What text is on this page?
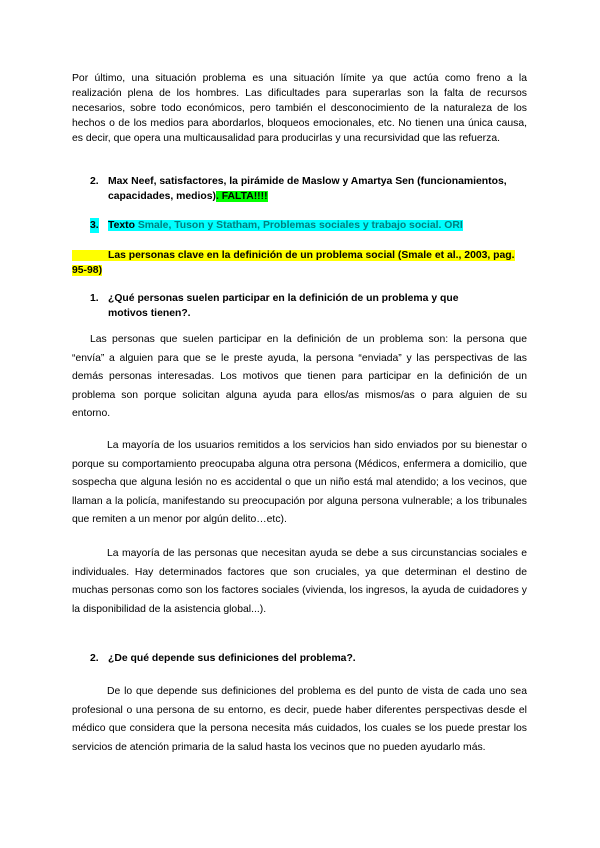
Por último, una situación problema es una situación límite ya que actúa como freno a la realización plena de los hombres. Las dificultades para superarlas son la falta de recursos necesarios, sobre todo económicos, pero también el desconocimiento de la naturaleza de los hechos o de los medios para abordarlos, bloqueos emocionales, etc. No tienen una única causa, es decir, que opera una multicausalidad para producirlas y una recursividad que las refuerza.

2. Max Neef, satisfactores, la pirámide de Maslow y Amartya Sen (funcionamientos, capacidades, medios). FALTA!!!!
3. Texto Smale, Tuson y Statham, Problemas sociales y trabajo social. ORI
Las personas clave en la definición de un problema social (Smale et al., 2003, pag. 95-98)
1. ¿Qué personas suelen participar en la definición de un problema y que motivos tienen?.

Las personas que suelen participar en la definición de un problema son: la persona que “envía” a alguien para que se le preste ayuda, la persona “enviada” y las perspectivas de las demás personas interesadas. Los motivos que tienen para participar en la definición de un problema son porque solicitan alguna ayuda para ellos/as mismos/as o para alguien de su entorno.

La mayoría de los usuarios remitidos a los servicios han sido enviados por su bienestar o porque su comportamiento preocupaba alguna otra persona (Médicos, enfermera a domicilio, que sospecha que alguna lesión no es accidental o que un niño está mal atendido; a los vecinos, que llaman a la policía, manifestando su preocupación por alguna persona vulnerable; a los tribunales que remiten a un menor por algún delito…etc).

La mayoría de las personas que necesitan ayuda se debe a sus circunstancias sociales e individuales. Hay determinados factores que son cruciales, ya que determinan el destino de muchas personas como son los factores sociales (vivienda, los ingresos, la ayuda de cuidadores y la disponibilidad de la asistencia global...).

2. ¿De qué depende sus definiciones del problema?.

De lo que depende sus definiciones del problema es del punto de vista de cada uno sea profesional o una persona de su entorno, es decir, puede haber diferentes perspectivas desde el médico que considera que la persona necesita más cuidados, los cuales se los puede prestar los servicios de atención primaria de la salud hasta los vecinos que no pueden ayudarlo más.
